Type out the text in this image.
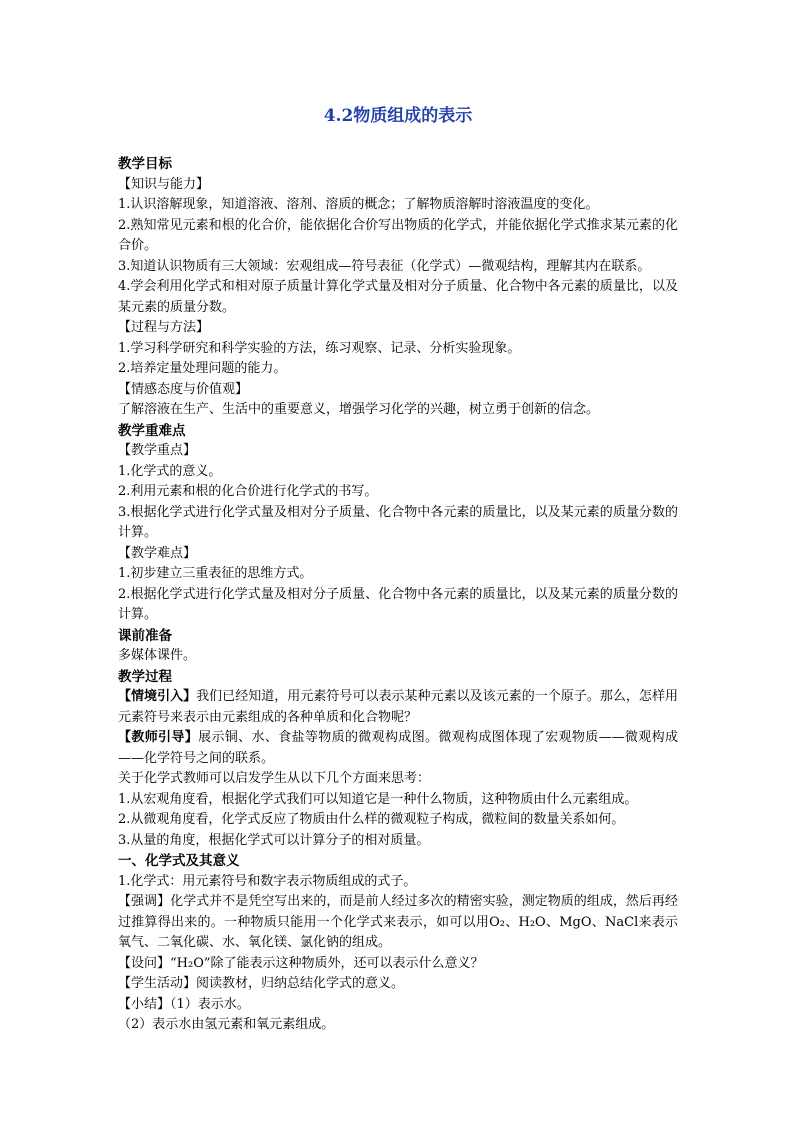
4.2物质组成的表示
教学目标

【知识与能力】

1.认识溶解现象，知道溶液、溶剂、溶质的概念；了解物质溶解时溶液温度的变化。

2.熟知常见元素和根的化合价，能依据化合价写出物质的化学式，并能依据化学式推求某元素的化合价。

3.知道认识物质有三大领域：宏观组成—符号表征（化学式）—微观结构，理解其内在联系。

4.学会利用化学式和相对原子质量计算化学式量及相对分子质量、化合物中各元素的质量比，以及某元素的质量分数。

【过程与方法】

1.学习科学研究和科学实验的方法，练习观察、记录、分析实验现象。

2.培养定量处理问题的能力。

【情感态度与价值观】

了解溶液在生产、生活中的重要意义，增强学习化学的兴趣，树立勇于创新的信念。

教学重难点

【教学重点】

1.化学式的意义。

2.利用元素和根的化合价进行化学式的书写。

3.根据化学式进行化学式量及相对分子质量、化合物中各元素的质量比，以及某元素的质量分数的计算。

【教学难点】

1.初步建立三重表征的思维方式。

2.根据化学式进行化学式量及相对分子质量、化合物中各元素的质量比，以及某元素的质量分数的计算。

课前准备

多媒体课件。

教学过程

【情境引入】我们已经知道，用元素符号可以表示某种元素以及该元素的一个原子。那么，怎样用元素符号来表示由元素组成的各种单质和化合物呢？

【教师引导】展示铜、水、食盐等物质的微观构成图。微观构成图体现了宏观物质——微观构成——化学符号之间的联系。

关于化学式教师可以启发学生从以下几个方面来思考：

1.从宏观角度看，根据化学式我们可以知道它是一种什么物质，这种物质由什么元素组成。

2.从微观角度看，化学式反应了物质由什么样的微观粒子构成，微粒间的数量关系如何。

3.从量的角度，根据化学式可以计算分子的相对质量。

一、化学式及其意义

1.化学式：用元素符号和数字表示物质组成的式子。

【强调】化学式并不是凭空写出来的，而是前人经过多次的精密实验，测定物质的组成，然后再经过推算得出来的。一种物质只能用一个化学式来表示，如可以用O₂、H₂O、MgO、NaCl来表示氧气、二氧化碳、水、氧化镁、氯化钠的组成。

【设问】“H₂O”除了能表示这种物质外，还可以表示什么意义？

【学生活动】阅读教材，归纳总结化学式的意义。

【小结】（1）表示水。

（2）表示水由氢元素和氧元素组成。
